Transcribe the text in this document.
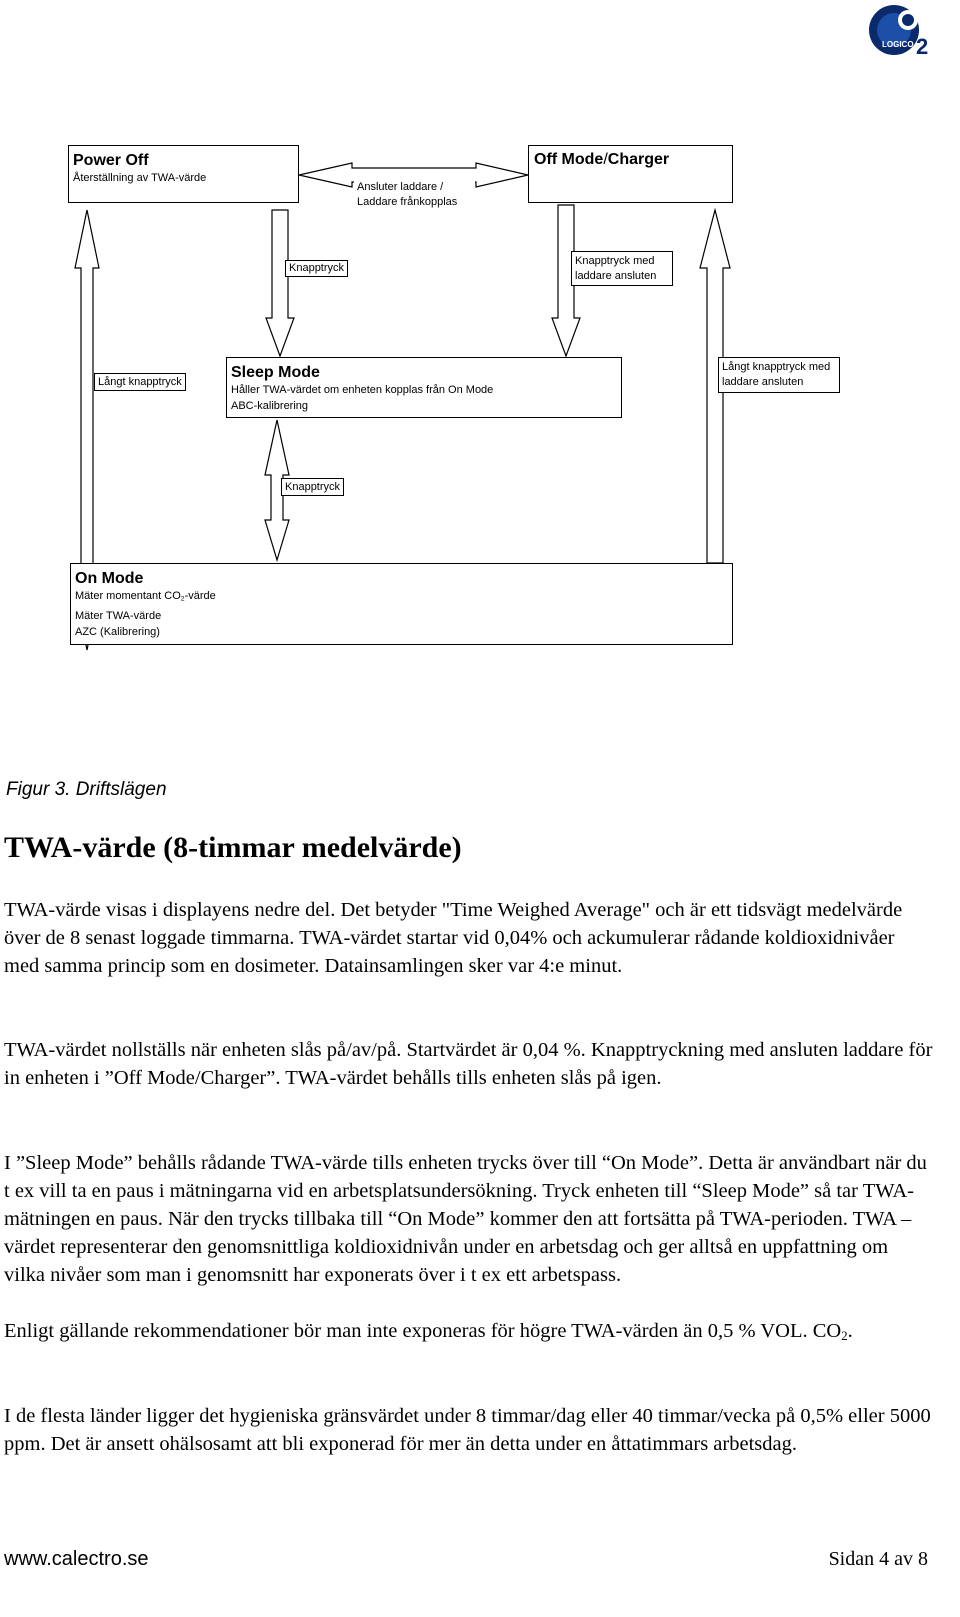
LOGICO 2
Power Off
Återställning av TWA-värde
Off Mode/Charger
Ansluter laddare /
Laddare frånkopplas
Knapptryck
Knapptryck med
laddare ansluten
Långt knapptryck
Sleep Mode
Håller TWA-värdet om enheten kopplas från On Mode
ABC-kalibrering
Långt knapptryck med
laddare ansluten
Knapptryck
On Mode
Mäter momentant $CO_2$-värde
Mäter TWA-värde
AZC (Kalibrering)
Figur 3. Driftslägen
TWA-värde (8-timmar medelvärde)

TWA-värde visas i displayens nedre del. Det betyder "Time Weighed Average" och är ett tidsvägt medelvärde över de 8 senast loggade timmarna. TWA-värdet startar vid 0,04% och ackumulerar rådande koldioxidnivåer med samma princip som en dosimeter. Datainsamlingen sker var 4:e minut.

TWA-värdet nollställs när enheten slås på/av/på. Startvärdet är 0,04 %. Knapptryckning med ansluten laddare för in enheten i ”Off Mode/Charger”. TWA-värdet behålls tills enheten slås på igen.

I ”Sleep Mode” behålls rådande TWA-värde tills enheten trycks över till “On Mode”. Detta är användbart när du t ex vill ta en paus i mätningarna vid en arbetsplatsundersökning. Tryck enheten till “Sleep Mode” så tar TWA-mätningen en paus. När den trycks tillbaka till “On Mode” kommer den att fortsätta på TWA-perioden. TWA – värdet representerar den genomsnittliga koldioxidnivån under en arbetsdag och ger alltså en uppfattning om vilka nivåer som man i genomsnitt har exponerats över i t ex ett arbetspass.

Enligt gällande rekommendationer bör man inte exponeras för högre TWA-värden än 0,5 % VOL. $CO_2$.

I de flesta länder ligger det hygieniska gränsvärdet under 8 timmar/dag eller 40 timmar/vecka på 0,5% eller 5000 ppm. Det är ansett ohälsosamt att bli exponerad för mer än detta under en åttatimmars arbetsdag.

www.calectro.se	Sidan 4 av 8
